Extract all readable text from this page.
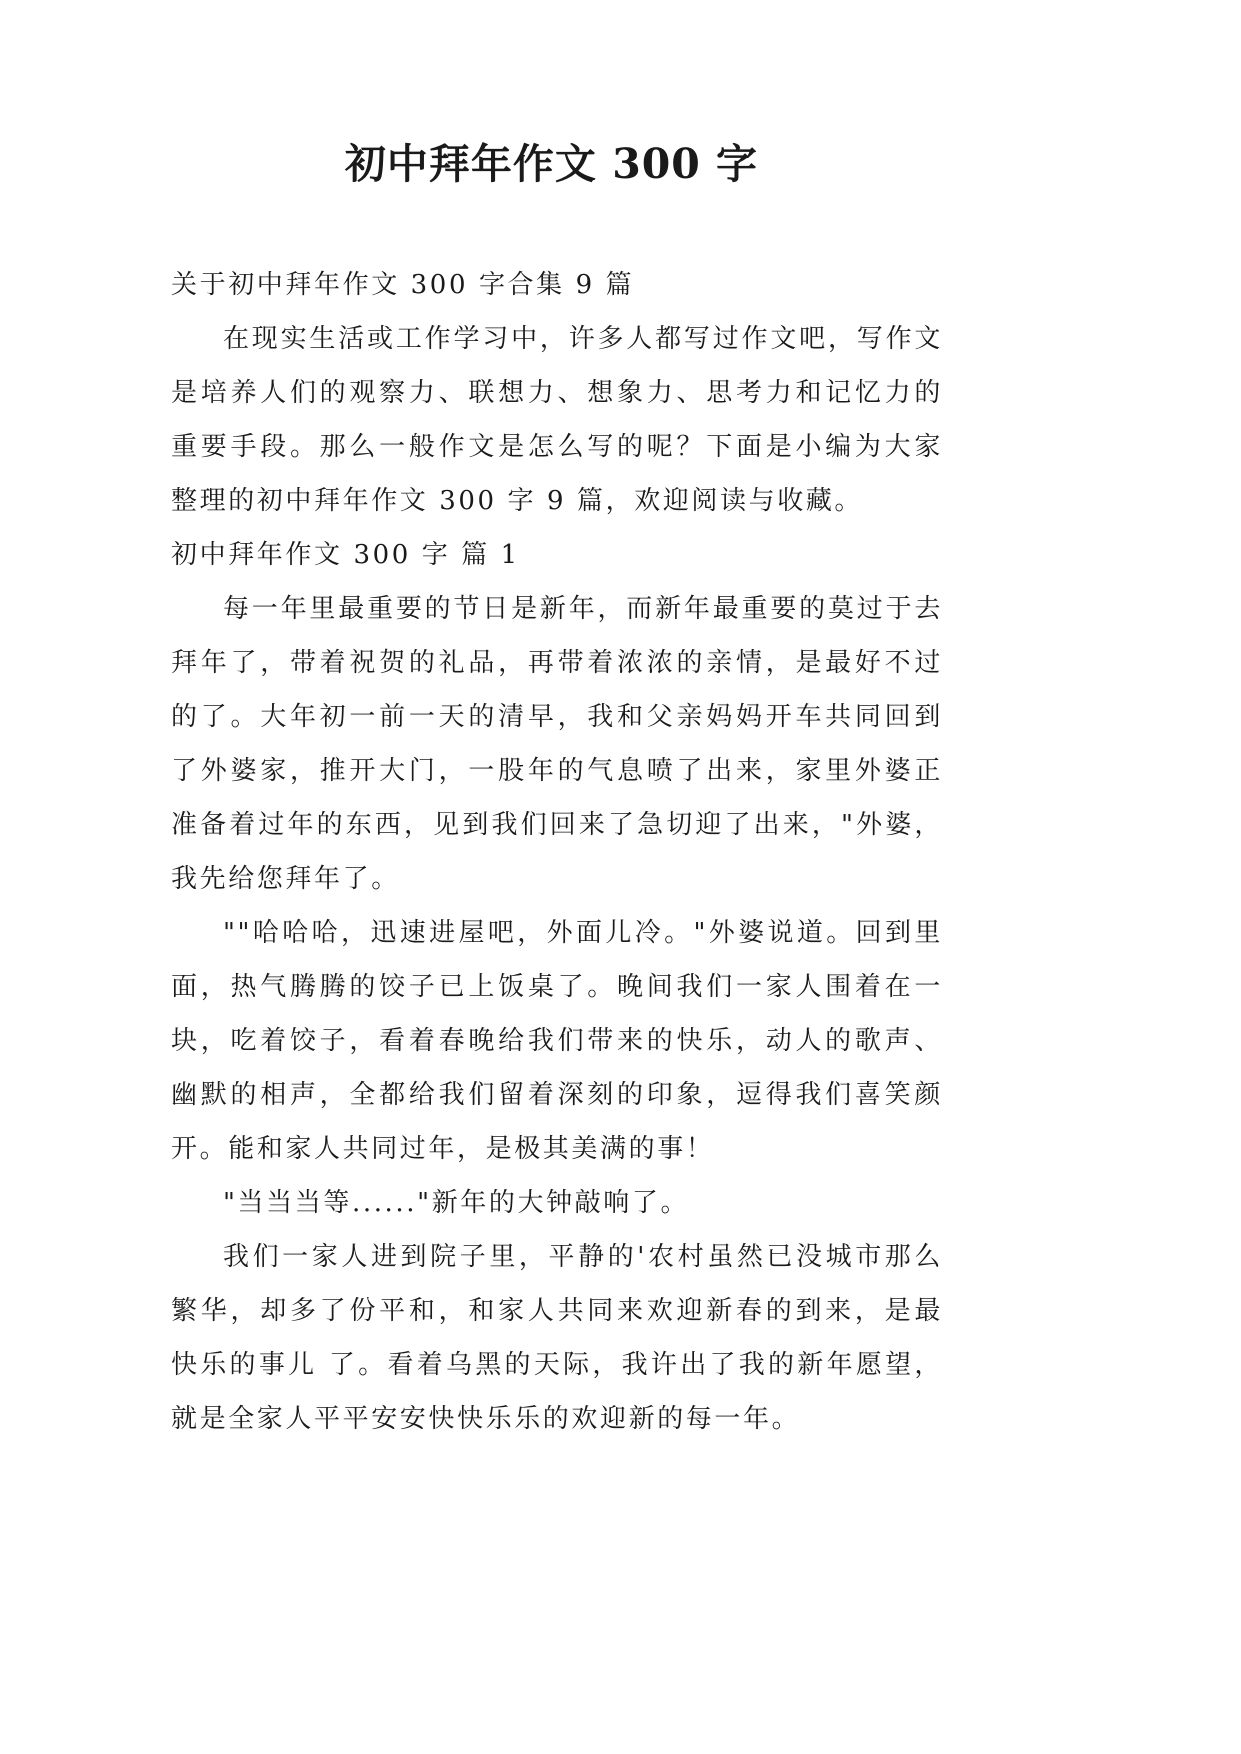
初中拜年作文 300 字

关于初中拜年作文 300 字合集 9 篇

在现实生活或工作学习中，许多人都写过作文吧，写作文是培养人们的观察力、联想力、想象力、思考力和记忆力的重要手段。那么一般作文是怎么写的呢？下面是小编为大家整理的初中拜年作文 300 字 9 篇，欢迎阅读与收藏。

初中拜年作文 300 字 篇 1

每一年里最重要的节日是新年，而新年最重要的莫过于去拜年了，带着祝贺的礼品，再带着浓浓的亲情，是最好不过的了。大年初一前一天的清早，我和父亲妈妈开车共同回到了外婆家，推开大门，一股年的气息喷了出来，家里外婆正准备着过年的东西，见到我们回来了急切迎了出来，"外婆，我先给您拜年了。

""哈哈哈，迅速进屋吧，外面儿冷。"外婆说道。回到里面，热气腾腾的饺子已上饭桌了。晚间我们一家人围着在一块，吃着饺子，看着春晚给我们带来的快乐，动人的歌声、幽默的相声，全都给我们留着深刻的印象，逗得我们喜笑颜开。能和家人共同过年，是极其美满的事！

"当当当等......"新年的大钟敲响了。

我们一家人进到院子里，平静的'农村虽然已没城市那么繁华，却多了份平和，和家人共同来欢迎新春的到来，是最快乐的事儿 了。看着乌黑的天际，我许出了我的新年愿望，就是全家人平平安安快快乐乐的欢迎新的每一年。
